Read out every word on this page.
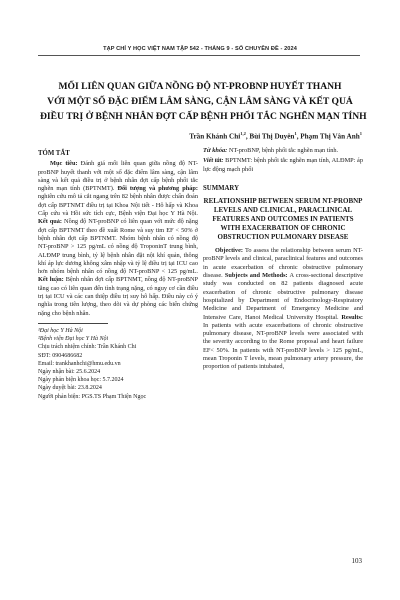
TẠP CHÍ Y HỌC VIỆT NAM TẬP 542 - THÁNG 9 - SỐ CHUYÊN ĐỀ - 2024
MỐI LIÊN QUAN GIỮA NỒNG ĐỘ NT-PROBNP HUYẾT THANH
VỚI MỘT SỐ ĐẶC ĐIỂM LÂM SÀNG, CẬN LÂM SÀNG VÀ KẾT QUẢ
ĐIỀU TRỊ Ở BỆNH NHÂN ĐỢT CẤP BỆNH PHỔI TẮC NGHẼN MẠN TÍNH
Trần Khánh Chi$^{1,2}$, Bùi Thị Duyên$^1$, Phạm Thị Vân Anh$^1$
TÓM TẮT
Mục tiêu: Đánh giá mối liên quan giữa nồng độ NT-proBNP huyết thanh với một số đặc điểm lâm sàng, cận lâm sàng và kết quả điều trị ở bệnh nhân đợt cấp bệnh phổi tắc nghẽn mạn tính (BPTNMT). Đối tượng và phương pháp: nghiên cứu mô tả cắt ngang trên 82 bệnh nhân được chẩn đoán đợt cấp BPTNMT điều trị tại Khoa Nội tiết - Hô hấp và Khoa Cấp cứu và Hồi sức tích cực, Bệnh viện Đại học Y Hà Nội. Kết quả: Nồng độ NT-proBNP có liên quan với mức độ nặng đợt cấp BPTNMT theo đề xuất Rome và suy tim EF < 50% ở bệnh nhân đợt cấp BPTNMT. Nhóm bệnh nhân có nồng độ NT-proBNP > 125 pg/mL có nồng độ TroponinT trung bình, ALĐMP trung bình, tỷ lệ bệnh nhân đặt nội khí quản, thông khí áp lực dương không xâm nhập và tỷ lệ điều trị tại ICU cao hơn nhóm bệnh nhân có nồng độ NT-proBNP < 125 pg/mL. Kết luận: Bệnh nhân đợt cấp BPTNMT, nồng độ NT-proBNP tăng cao có liên quan đến tình trạng nặng, có nguy cơ cần điều trị tại ICU và các can thiệp điều trị suy hô hấp. Điều này có ý nghĩa trong tiên lượng, theo dõi và dự phòng các biến chứng nặng cho bệnh nhân.
¹Đại học Y Hà Nội
²Bệnh viện Đại học Y Hà Nội
Chịu trách nhiệm chính: Trần Khánh Chi
SĐT: 0904686682
Email: trankhanhchi@hmu.edu.vn
Ngày nhận bài: 25.6.2024
Ngày phản biện khoa học: 5.7.2024
Ngày duyệt bài: 23.8.2024
Người phản biện: PGS.TS Phạm Thiện Ngọc
Từ khóa: NT-proBNP, bệnh phổi tắc nghẽn mạn tính.
Viết tắt: BPTNMT: bệnh phổi tắc nghẽn mạn tính, ALĐMP: áp lực động mạch phổi
SUMMARY
RELATIONSHIP BETWEEN SERUM NT-PROBNP LEVELS AND CLINICAL, PARACLINICAL FEATURES AND OUTCOMES IN PATIENTS WITH EXACERBATION OF CHRONIC OBSTRUCTION PULMONARY DISEASE
Objective: To assess the relationship between serum NT-proBNP levels and clinical, paraclinical features and outcomes in acute exacerbation of chronic obstructive pulmonary disease. Subjects and Methods: A cross-sectional descriptive study was conducted on 82 patients diagnosed acute exacerbation of chronic obstructive pulmonary disease hospitalized by Department of Endocrinology-Respiratory Medicine and Department of Emergency Medicine and Intensive Care, Hanoi Medical University Hospital. Results: In patients with acute exacerbations of chronic obstructive pulmonary disease, NT-proBNP levels were associated with the severity according to the Rome proposal and heart failure EF< 50%. In patients with NT-proBNP levels > 125 pg/mL, mean Troponin T levels, mean pulmonary artery pressure, the proportion of patients intubated,
103
